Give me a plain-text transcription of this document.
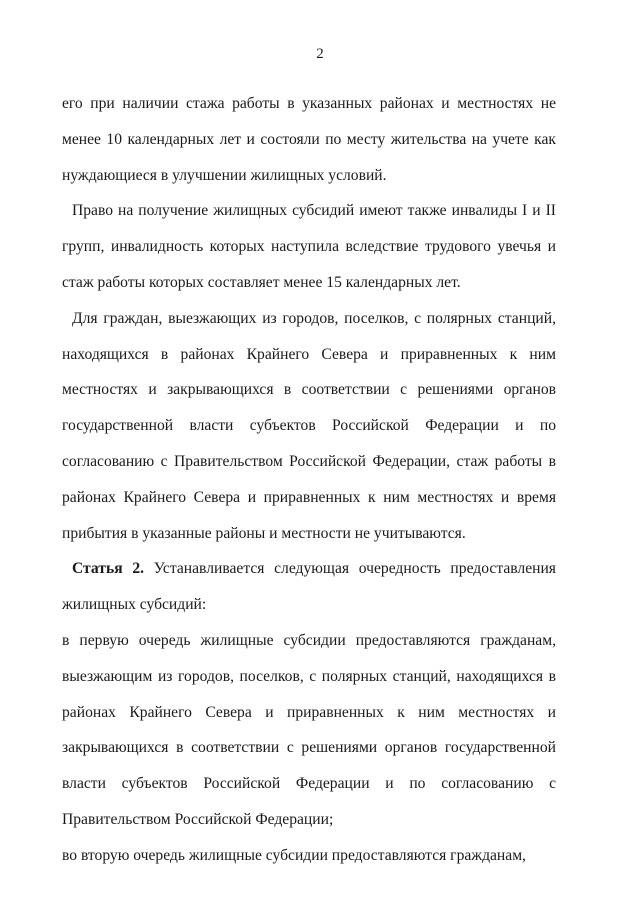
2

его при наличии стажа работы в указанных районах и местностях не менее 10 календарных лет и состояли по месту жительства на учете как нуждающиеся в улучшении жилищных условий.

Право на получение жилищных субсидий имеют также инвалиды I и II групп, инвалидность которых наступила вследствие трудового увечья и стаж работы которых составляет менее 15 календарных лет.

Для граждан, выезжающих из городов, поселков, с полярных станций, находящихся в районах Крайнего Севера и приравненных к ним местностях и закрывающихся в соответствии с решениями органов государственной власти субъектов Российской Федерации и по согласованию с Правительством Российской Федерации, стаж работы в районах Крайнего Севера и приравненных к ним местностях и время прибытия в указанные районы и местности не учитываются.

Статья 2. Устанавливается следующая очередность предоставления жилищных субсидий:

в первую очередь жилищные субсидии предоставляются гражданам, выезжающим из городов, поселков, с полярных станций, находящихся в районах Крайнего Севера и приравненных к ним местностях и закрывающихся в соответствии с решениями органов государственной власти субъектов Российской Федерации и по согласованию с Правительством Российской Федерации;

во вторую очередь жилищные субсидии предоставляются гражданам,
